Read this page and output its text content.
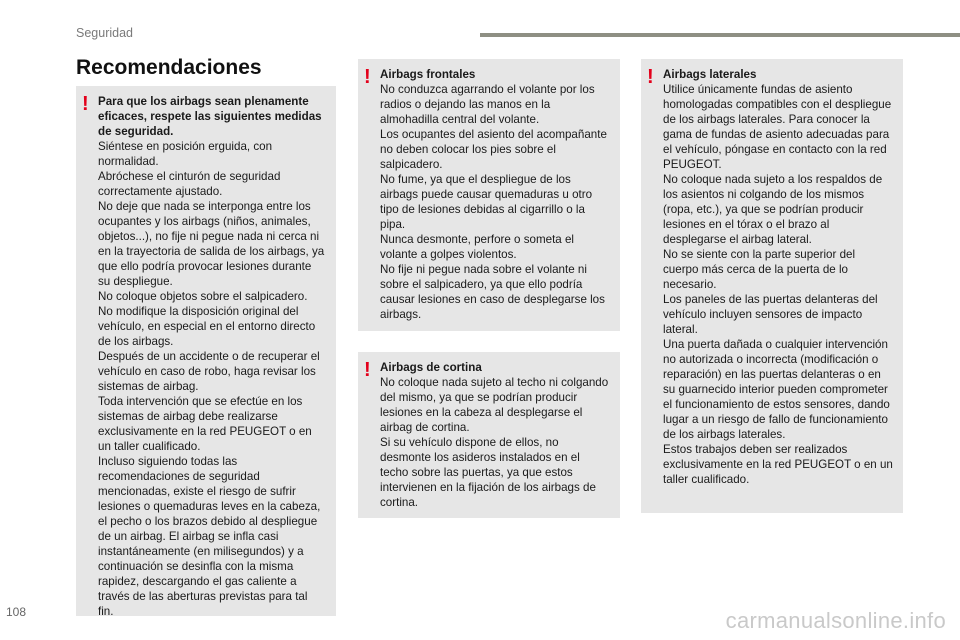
Seguridad
Recomendaciones
! Para que los airbags sean plenamente eficaces, respete las siguientes medidas de seguridad.

Siéntese en posición erguida, con normalidad.

Abróchese el cinturón de seguridad correctamente ajustado.

No deje que nada se interponga entre los ocupantes y los airbags (niños, animales, objetos...), no fije ni pegue nada ni cerca ni en la trayectoria de salida de los airbags, ya que ello podría provocar lesiones durante su despliegue.

No coloque objetos sobre el salpicadero.

No modifique la disposición original del vehículo, en especial en el entorno directo de los airbags.

Después de un accidente o de recuperar el vehículo en caso de robo, haga revisar los sistemas de airbag.

Toda intervención que se efectúe en los sistemas de airbag debe realizarse exclusivamente en la red PEUGEOT o en un taller cualificado.

Incluso siguiendo todas las recomendaciones de seguridad mencionadas, existe el riesgo de sufrir lesiones o quemaduras leves en la cabeza, el pecho o los brazos debido al despliegue de un airbag. El airbag se infla casi instantáneamente (en milisegundos) y a continuación se desinfla con la misma rapidez, descargando el gas caliente a través de las aberturas previstas para tal fin.

! Airbags frontales

No conduzca agarrando el volante por los radios o dejando las manos en la almohadilla central del volante.

Los ocupantes del asiento del acompañante no deben colocar los pies sobre el salpicadero.

No fume, ya que el despliegue de los airbags puede causar quemaduras u otro tipo de lesiones debidas al cigarrillo o la pipa.

Nunca desmonte, perfore o someta el volante a golpes violentos.

No fije ni pegue nada sobre el volante ni sobre el salpicadero, ya que ello podría causar lesiones en caso de desplegarse los airbags.

! Airbags de cortina

No coloque nada sujeto al techo ni colgando del mismo, ya que se podrían producir lesiones en la cabeza al desplegarse el airbag de cortina.

Si su vehículo dispone de ellos, no desmonte los asideros instalados en el techo sobre las puertas, ya que estos intervienen en la fijación de los airbags de cortina.

! Airbags laterales

Utilice únicamente fundas de asiento homologadas compatibles con el despliegue de los airbags laterales. Para conocer la gama de fundas de asiento adecuadas para el vehículo, póngase en contacto con la red PEUGEOT.

No coloque nada sujeto a los respaldos de los asientos ni colgando de los mismos (ropa, etc.), ya que se podrían producir lesiones en el tórax o el brazo al desplegarse el airbag lateral.

No se siente con la parte superior del cuerpo más cerca de la puerta de lo necesario.

Los paneles de las puertas delanteras del vehículo incluyen sensores de impacto lateral.

Una puerta dañada o cualquier intervención no autorizada o incorrecta (modificación o reparación) en las puertas delanteras o en su guarnecido interior pueden comprometer el funcionamiento de estos sensores, dando lugar a un riesgo de fallo de funcionamiento de los airbags laterales.

Estos trabajos deben ser realizados exclusivamente en la red PEUGEOT o en un taller cualificado.

108	carmanualsonline.info
